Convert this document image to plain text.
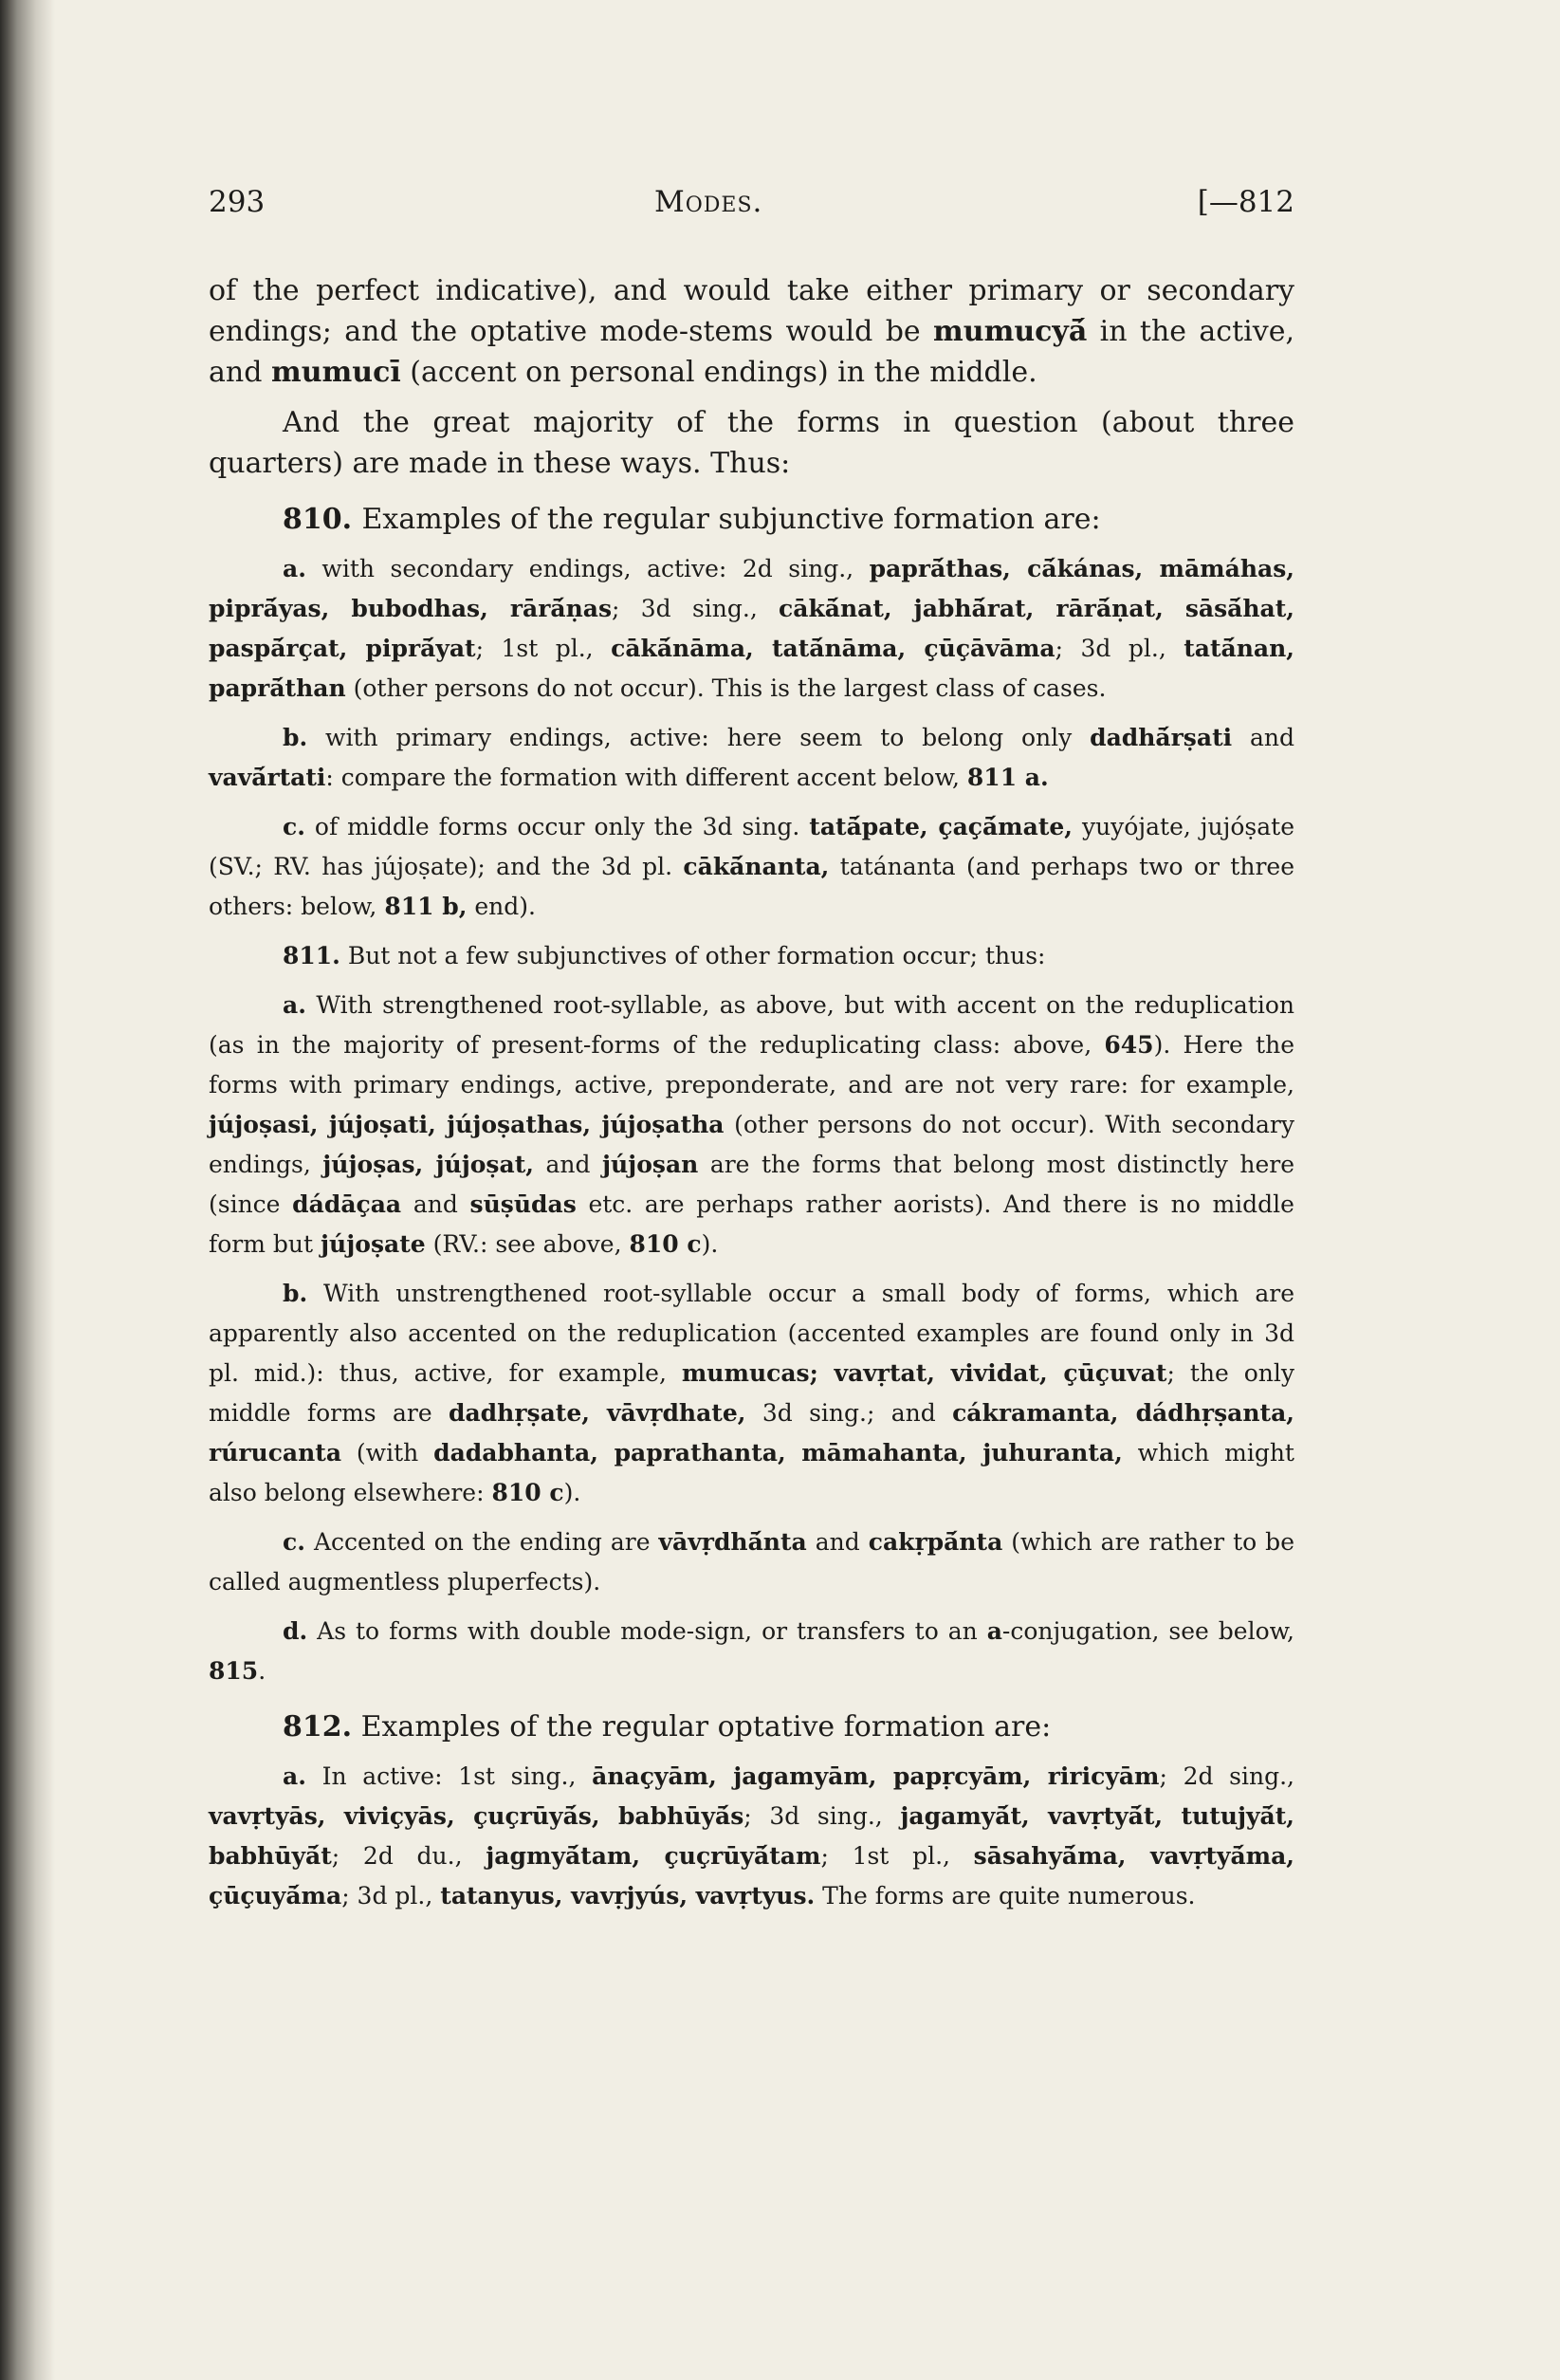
293	Modes.	[—812

of the perfect indicative), and would take either primary or secondary endings; and the optative mode-stems would be mumucyā́ in the active, and mumucī (accent on personal endings) in the middle.

And the great majority of the forms in question (about three quarters) are made in these ways. Thus:

810. Examples of the regular subjunctive formation are:

a. with secondary endings, active: 2d sing., paprā́thas, cā́kánas, māmáhas, piprā́yas, bubodhas, rārā́ṇas; 3d sing., cākā́nat, jabhā́rat, rārā́ṇat, sāsā́hat, paspā́rçat, piprā́yat; 1st pl., cākā́nāma, tatā́nāma, çūçāvāma; 3d pl., tatā́nan, paprā́than (other persons do not occur). This is the largest class of cases.

b. with primary endings, active: here seem to belong only dadhā́rṣati and vavā́rtati: compare the formation with different accent below, 811 a.

c. of middle forms occur only the 3d sing. tatā́pate, çaçā́mate, yuyójate, jujóṣate (SV.; RV. has jújoṣate); and the 3d pl. cākā́nanta, tatánanta (and perhaps two or three others: below, 811 b, end).

811. But not a few subjunctives of other formation occur; thus:

a. With strengthened root-syllable, as above, but with accent on the reduplication (as in the majority of present-forms of the reduplicating class: above, 645). Here the forms with primary endings, active, preponderate, and are not very rare: for example, jújoṣasi, jújoṣati, jújoṣathas, jújoṣatha (other persons do not occur). With secondary endings, jújoṣas, jújoṣat, and jújoṣan are the forms that belong most distinctly here (since dádāçaa and sūṣūdas etc. are perhaps rather aorists). And there is no middle form but jújoṣate (RV.: see above, 810 c).

b. With unstrengthened root-syllable occur a small body of forms, which are apparently also accented on the reduplication (accented examples are found only in 3d pl. mid.): thus, active, for example, mumucas; vavṛtat, vividat, çūçuvat; the only middle forms are dadhṛṣate, vāvṛdhate, 3d sing.; and cákramanta, dádhṛṣanta, rúrucanta (with dadabhanta, paprathanta, māmahanta, juhuranta, which might also belong elsewhere: 810 c).

c. Accented on the ending are vāvṛdhā́nta and cakṛpā́nta (which are rather to be called augmentless pluperfects).

d. As to forms with double mode-sign, or transfers to an a-conjugation, see below, 815.

812. Examples of the regular optative formation are:

a. In active: 1st sing., ānaçyām, jagamyām, papṛcyām, riricyām; 2d sing., vavṛtyās, viviçyās, çuçrūyā́s, babhūyā́s; 3d sing., jagamyā́t, vavṛtyā́t, tutujyā́t, babhūyā́t; 2d du., jagmyā́tam, çuçrūyā́tam; 1st pl., sāsahyā́ma, vavṛtyā́ma, çūçuyā́ma; 3d pl., tatanyus, vavṛjyús, vavṛtyus. The forms are quite numerous.
